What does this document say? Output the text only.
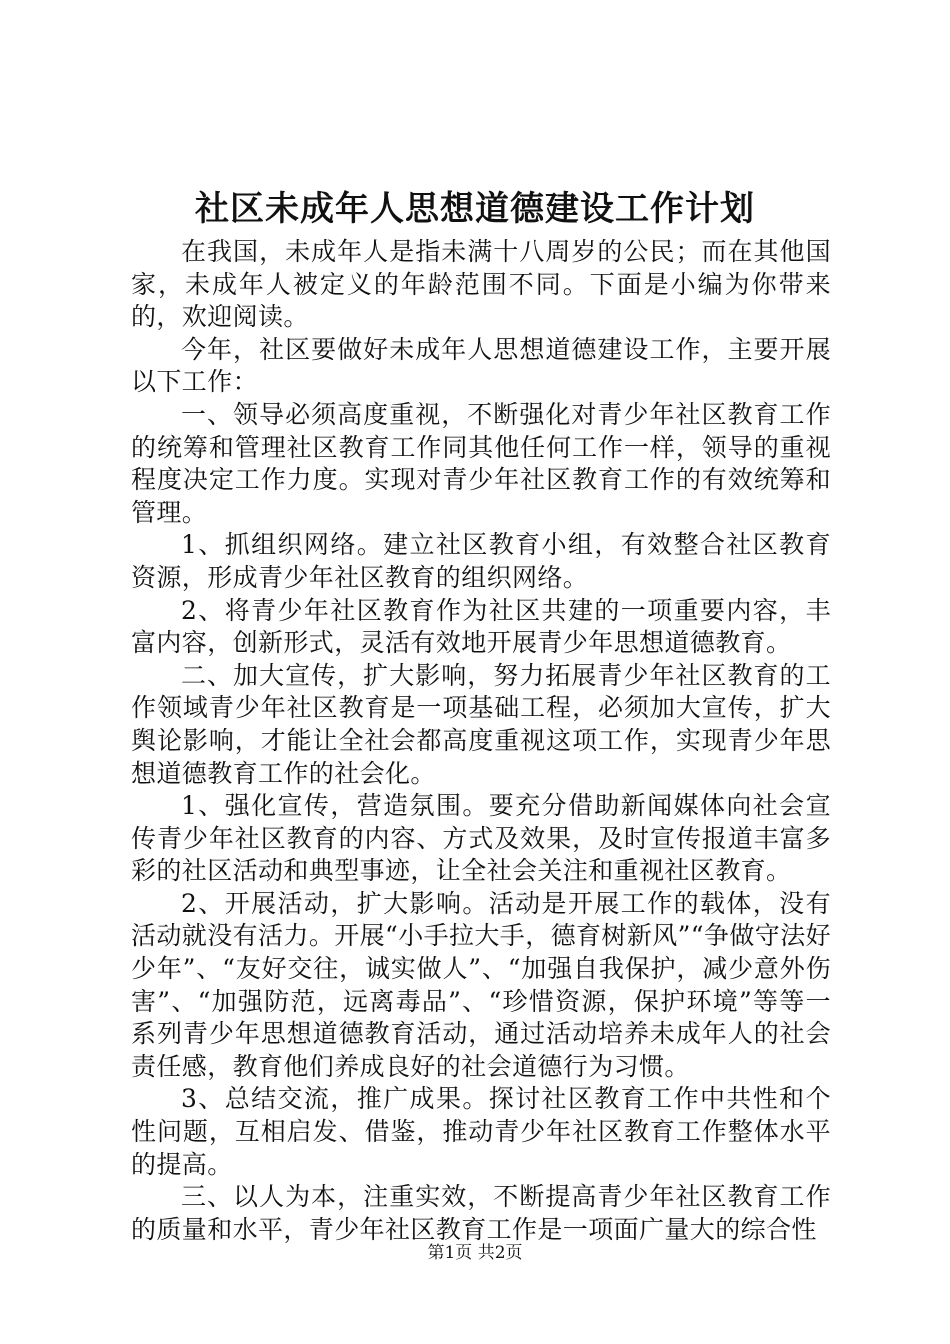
社区未成年人思想道德建设工作计划

在我国，未成年人是指未满十八周岁的公民；而在其他国家，未成年人被定义的年龄范围不同。下面是小编为你带来的，欢迎阅读。

今年，社区要做好未成年人思想道德建设工作，主要开展以下工作：

一、领导必须高度重视，不断强化对青少年社区教育工作的统筹和管理社区教育工作同其他任何工作一样，领导的重视程度决定工作力度。实现对青少年社区教育工作的有效统筹和管理。

1、抓组织网络。建立社区教育小组，有效整合社区教育资源，形成青少年社区教育的组织网络。

2、将青少年社区教育作为社区共建的一项重要内容，丰富内容，创新形式，灵活有效地开展青少年思想道德教育。

二、加大宣传，扩大影响，努力拓展青少年社区教育的工作领域青少年社区教育是一项基础工程，必须加大宣传，扩大舆论影响，才能让全社会都高度重视这项工作，实现青少年思想道德教育工作的社会化。

1、强化宣传，营造氛围。要充分借助新闻媒体向社会宣传青少年社区教育的内容、方式及效果，及时宣传报道丰富多彩的社区活动和典型事迹，让全社会关注和重视社区教育。

2、开展活动，扩大影响。活动是开展工作的载体，没有活动就没有活力。开展“小手拉大手，德育树新风”“争做守法好少年”、“友好交往，诚实做人”、“加强自我保护，减少意外伤害”、“加强防范，远离毒品”、“珍惜资源，保护环境”等等一系列青少年思想道德教育活动，通过活动培养未成年人的社会责任感，教育他们养成良好的社会道德行为习惯。

3、总结交流，推广成果。探讨社区教育工作中共性和个性问题，互相启发、借鉴，推动青少年社区教育工作整体水平的提高。

三、以人为本，注重实效，不断提高青少年社区教育工作的质量和水平，青少年社区教育工作是一项面广量大的综合性

第1页 共2页
